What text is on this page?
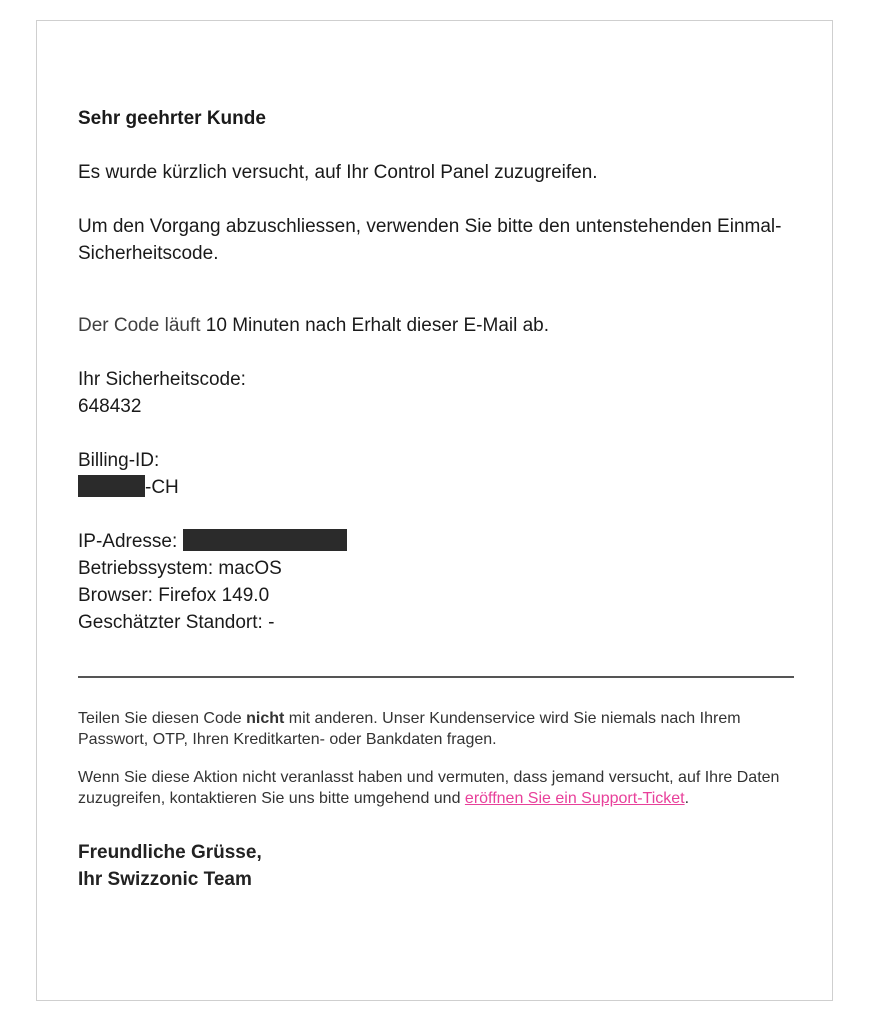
Sehr geehrter Kunde
Es wurde kürzlich versucht, auf Ihr Control Panel zuzugreifen.
Um den Vorgang abzuschliessen, verwenden Sie bitte den untenstehenden Einmal-Sicherheitscode.
Der Code läuft 10 Minuten nach Erhalt dieser E-Mail ab.
Ihr Sicherheitscode:
648432
Billing-ID:
-CH
IP-Adresse:
Betriebssystem: macOS
Browser: Firefox 149.0
Geschätzter Standort: -

Teilen Sie diesen Code nicht mit anderen. Unser Kundenservice wird Sie niemals nach Ihrem Passwort, OTP, Ihren Kreditkarten- oder Bankdaten fragen.

Wenn Sie diese Aktion nicht veranlasst haben und vermuten, dass jemand versucht, auf Ihre Daten zuzugreifen, kontaktieren Sie uns bitte umgehend und eröffnen Sie ein Support-Ticket.

Freundliche Grüsse,
Ihr Swizzonic Team
